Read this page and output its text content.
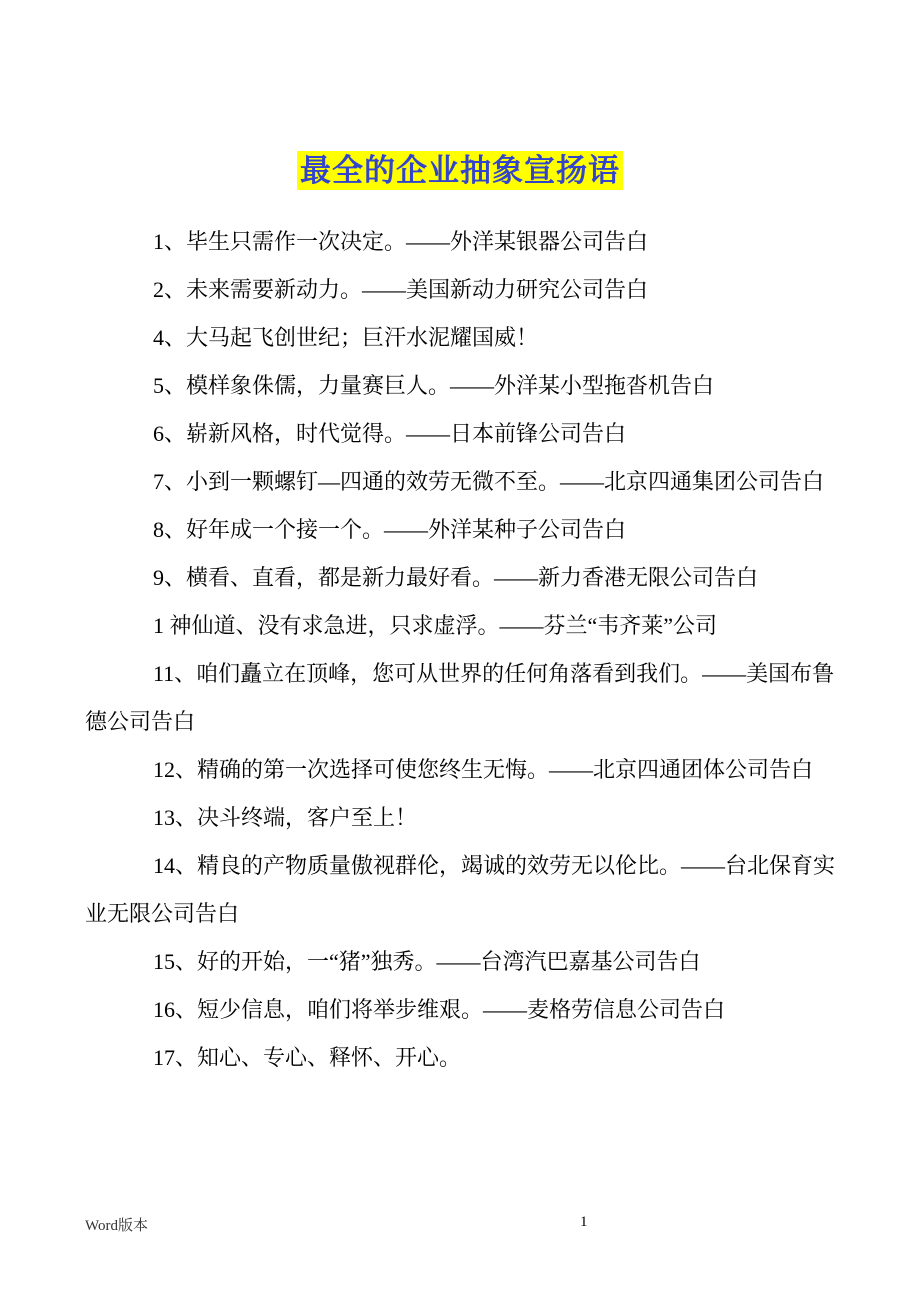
最全的企业抽象宣扬语

1、毕生只需作一次决定。——外洋某银器公司告白

2、未来需要新动力。——美国新动力研究公司告白

4、大马起飞创世纪；巨汗水泥耀国威！

5、模样象侏儒，力量赛巨人。——外洋某小型拖沓机告白

6、崭新风格，时代觉得。——日本前锋公司告白

7、小到一颗螺钉—四通的效劳无微不至。——北京四通集团公司告白

8、好年成一个接一个。——外洋某种子公司告白

9、横看、直看，都是新力最好看。——新力香港无限公司告白

1 神仙道、没有求急进，只求虚浮。——芬兰“韦齐莱”公司

11、咱们矗立在顶峰，您可从世界的任何角落看到我们。——美国布鲁德公司告白

12、精确的第一次选择可使您终生无悔。——北京四通团体公司告白

13、决斗终端，客户至上！

14、精良的产物质量傲视群伦，竭诚的效劳无以伦比。——台北保育实业无限公司告白

15、好的开始，一“猪”独秀。——台湾汽巴嘉基公司告白

16、短少信息，咱们将举步维艰。——麦格劳信息公司告白

17、知心、专心、释怀、开心。

Word版本	1
